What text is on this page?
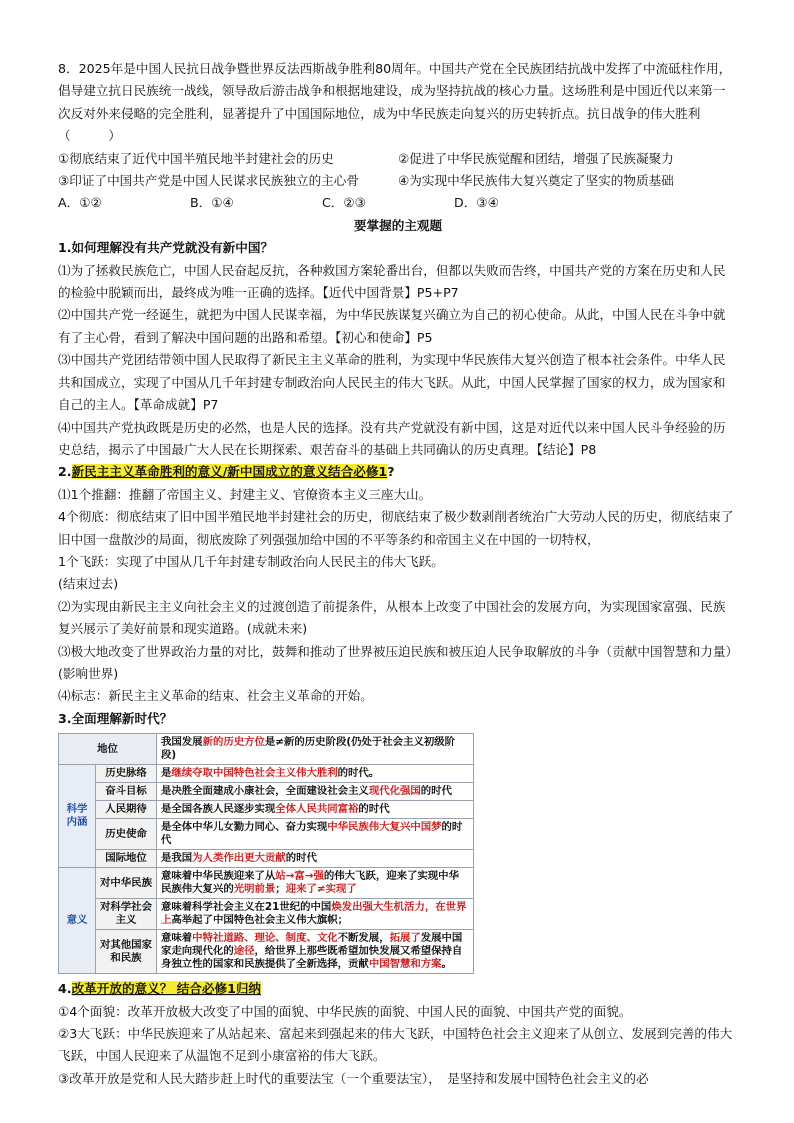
8．2025年是中国人民抗日战争暨世界反法西斯战争胜利80周年。中国共产党在全民族团结抗战中发挥了中流砥柱作用，倡导建立抗日民族统一战线，领导敌后游击战争和根据地建设，成为坚持抗战的核心力量。这场胜利是中国近代以来第一次反对外来侵略的完全胜利，显著提升了中国国际地位，成为中华民族走向复兴的历史转折点。抗日战争的伟大胜利（　　　）

①彻底结束了近代中国半殖民地半封建社会的历史	②促进了中华民族觉醒和团结，增强了民族凝聚力
③印证了中国共产党是中国人民谋求民族独立的主心骨	④为实现中华民族伟大复兴奠定了坚实的物质基础
A．①②	B．①④	C．②③	D．③④

要掌握的主观题

1.如何理解没有共产党就没有新中国？

⑴为了拯救民族危亡，中国人民奋起反抗，各种救国方案轮番出台，但都以失败而告终，中国共产党的方案在历史和人民的检验中脱颖而出，最终成为唯一正确的选择。【近代中国背景】P5+P7

⑵中国共产党一经诞生，就把为中国人民谋幸福，为中华民族谋复兴确立为自己的初心使命。从此，中国人民在斗争中就有了主心骨，看到了解决中国问题的出路和希望。【初心和使命】P5

⑶中国共产党团结带领中国人民取得了新民主主义革命的胜利，为实现中华民族伟大复兴创造了根本社会条件。中华人民共和国成立，实现了中国从几千年封建专制政治向人民民主的伟大飞跃。从此，中国人民掌握了国家的权力，成为国家和自己的主人。【革命成就】P7

⑷中国共产党执政既是历史的必然，也是人民的选择。没有共产党就没有新中国，这是对近代以来中国人民斗争经验的历史总结，揭示了中国最广大人民在长期探索、艰苦奋斗的基础上共同确认的历史真理。【结论】P8

2.新民主主义革命胜利的意义/新中国成立的意义结合必修1?

⑴1个推翻：推翻了帝国主义、封建主义、官僚资本主义三座大山。

4个彻底：彻底结束了旧中国半殖民地半封建社会的历史，彻底结束了极少数剥削者统治广大劳动人民的历史，彻底结束了旧中国一盘散沙的局面，彻底废除了列强强加给中国的不平等条约和帝国主义在中国的一切特权，

1个飞跃：实现了中国从几千年封建专制政治向人民民主的伟大飞跃。

(结束过去)

⑵为实现由新民主主义向社会主义的过渡创造了前提条件，从根本上改变了中国社会的发展方向，为实现国家富强、民族复兴展示了美好前景和现实道路。(成就未来)

⑶极大地改变了世界政治力量的对比，鼓舞和推动了世界被压迫民族和被压迫人民争取解放的斗争（贡献中国智慧和力量）(影响世界)

⑷标志：新民主主义革命的结束、社会主义革命的开始。

3.全面理解新时代？

地位		我国发展新的历史方位是≠新的历史阶段(仍处于社会主义初级阶段)
科学内涵	历史脉络	是继续夺取中国特色社会主义伟大胜利的时代。
	奋斗目标	是决胜全面建成小康社会，全面建设社会主义现代化强国的时代
	人民期待	是全国各族人民逐步实现全体人民共同富裕的时代
	历史使命	是全体中华儿女勠力同心、奋力实现中华民族伟大复兴中国梦的时代
	国际地位	是我国为人类作出更大贡献的时代
意义	对中华民族	意味着中华民族迎来了从站→富→强的伟大飞跃，迎来了实现中华民族伟大复兴的光明前景；迎来了≠实现了
	对科学社会主义	意味着科学社会主义在21世纪的中国焕发出强大生机活力，在世界上高举起了中国特色社会主义伟大旗帜；
	对其他国家和民族	意味着中特社道路、理论、制度、文化不断发展，拓展了发展中国家走向现代化的途径，给世界上那些既希望加快发展又希望保持自身独立性的国家和民族提供了全新选择，贡献中国智慧和方案。

4.改革开放的意义？ 结合必修1归纳

①4个面貌：改革开放极大改变了中国的面貌、中华民族的面貌、中国人民的面貌、中国共产党的面貌。

②3大飞跃：中华民族迎来了从站起来、富起来到强起来的伟大飞跃，中国特色社会主义迎来了从创立、发展到完善的伟大飞跃，中国人民迎来了从温饱不足到小康富裕的伟大飞跃。

③改革开放是党和人民大踏步赶上时代的重要法宝（一个重要法宝），　是坚持和发展中国特色社会主义的必
